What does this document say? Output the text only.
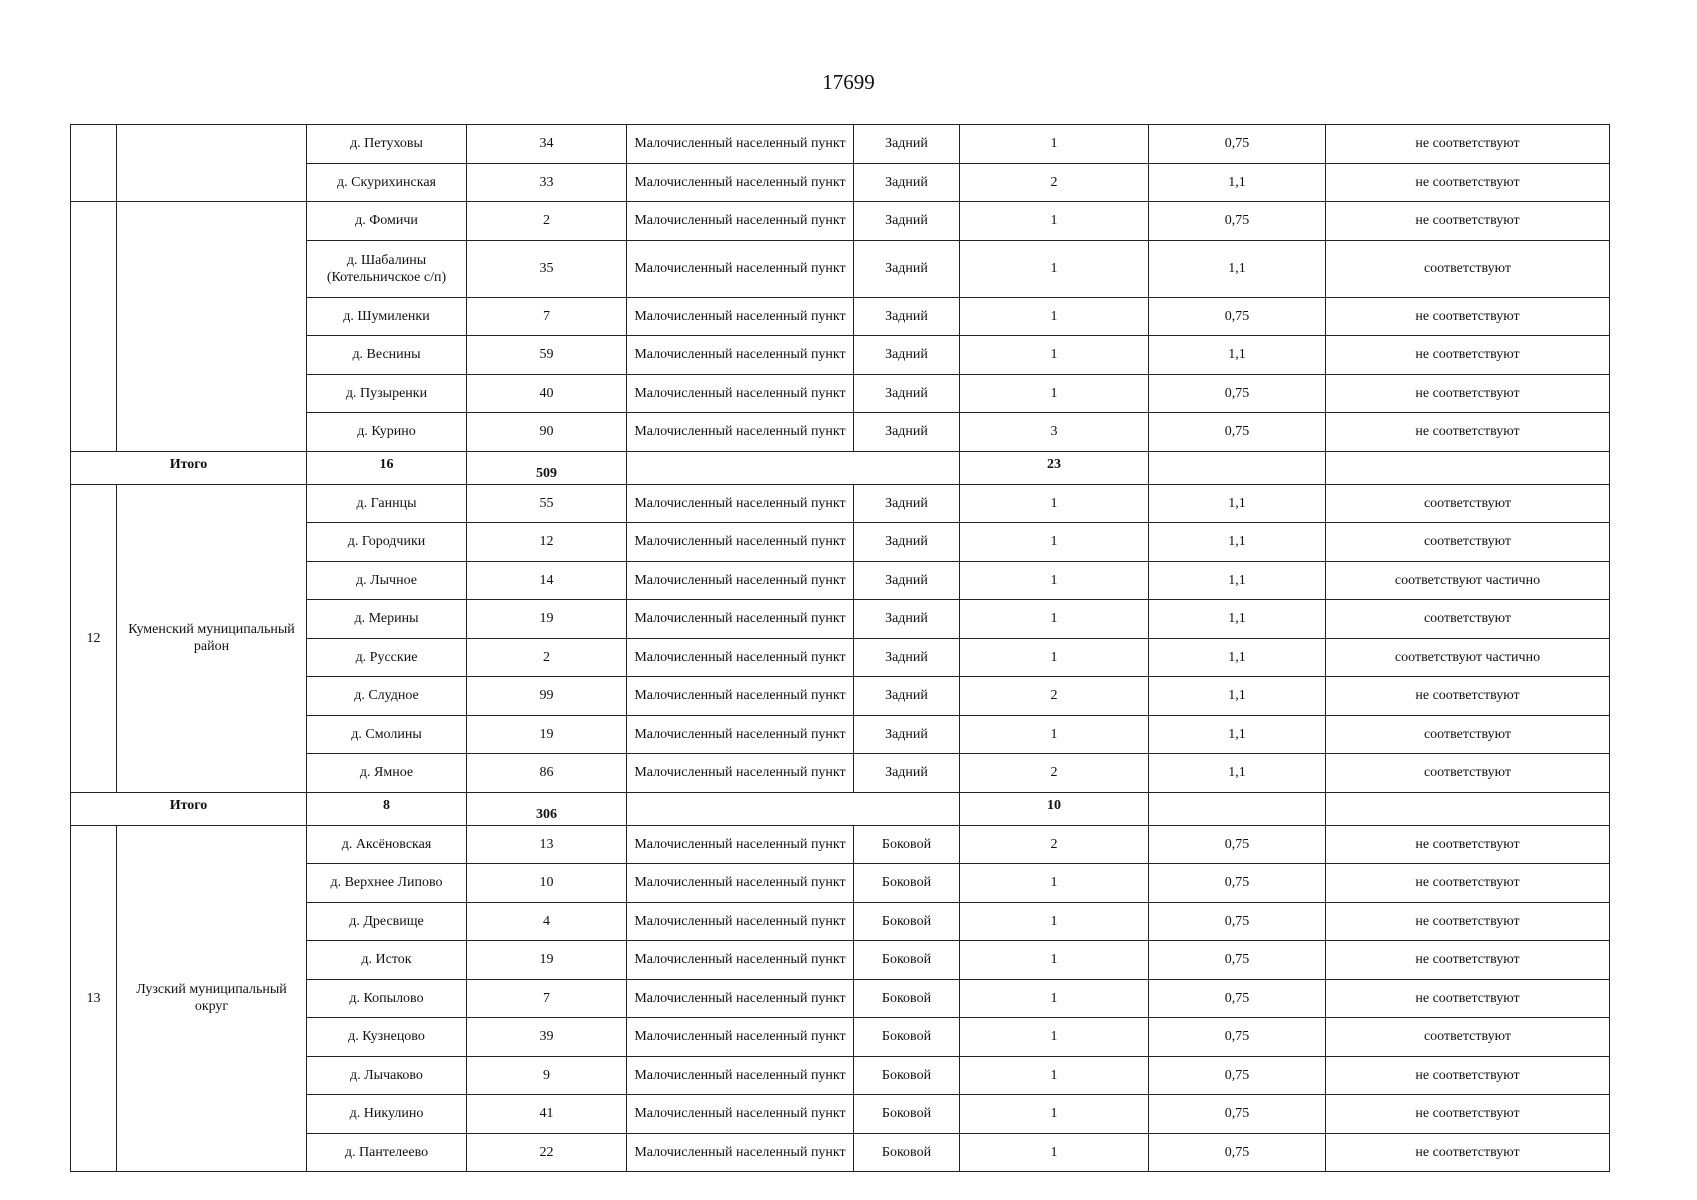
17699
		д. Петуховы	34	Малочисленный населенный пункт	Задний	1	0,75	не соответствуют
		д. Скурихинская	33	Малочисленный населенный пункт	Задний	2	1,1	не соответствуют
		д. Фомичи	2	Малочисленный населенный пункт	Задний	1	0,75	не соответствуют
		д. Шабалины (Котельничское с/п)	35	Малочисленный населенный пункт	Задний	1	1,1	соответствуют
		д. Шумиленки	7	Малочисленный населенный пункт	Задний	1	0,75	не соответствуют
		д. Веснины	59	Малочисленный населенный пункт	Задний	1	1,1	не соответствуют
		д. Пузыренки	40	Малочисленный населенный пункт	Задний	1	0,75	не соответствуют
		д. Курино	90	Малочисленный населенный пункт	Задний	3	0,75	не соответствуют
Итого		16	509			23		
12	Куменский муниципальный район	д. Ганнцы	55	Малочисленный населенный пункт	Задний	1	1,1	соответствуют
		д. Городчики	12	Малочисленный населенный пункт	Задний	1	1,1	соответствуют
		д. Лычное	14	Малочисленный населенный пункт	Задний	1	1,1	соответствуют частично
		д. Мерины	19	Малочисленный населенный пункт	Задний	1	1,1	соответствуют
		д. Русские	2	Малочисленный населенный пункт	Задний	1	1,1	соответствуют частично
		д. Слудное	99	Малочисленный населенный пункт	Задний	2	1,1	не соответствуют
		д. Смолины	19	Малочисленный населенный пункт	Задний	1	1,1	соответствуют
		д. Ямное	86	Малочисленный населенный пункт	Задний	2	1,1	соответствуют
Итого		8	306			10		
13	Лузский муниципальный округ	д. Аксёновская	13	Малочисленный населенный пункт	Боковой	2	0,75	не соответствуют
		д. Верхнее Липово	10	Малочисленный населенный пункт	Боковой	1	0,75	не соответствуют
		д. Дресвище	4	Малочисленный населенный пункт	Боковой	1	0,75	не соответствуют
		д. Исток	19	Малочисленный населенный пункт	Боковой	1	0,75	не соответствуют
		д. Копылово	7	Малочисленный населенный пункт	Боковой	1	0,75	не соответствуют
		д. Кузнецово	39	Малочисленный населенный пункт	Боковой	1	0,75	соответствуют
		д. Лычаково	9	Малочисленный населенный пункт	Боковой	1	0,75	не соответствуют
		д. Никулино	41	Малочисленный населенный пункт	Боковой	1	0,75	не соответствуют
		д. Пантелеево	22	Малочисленный населенный пункт	Боковой	1	0,75	не соответствуют
